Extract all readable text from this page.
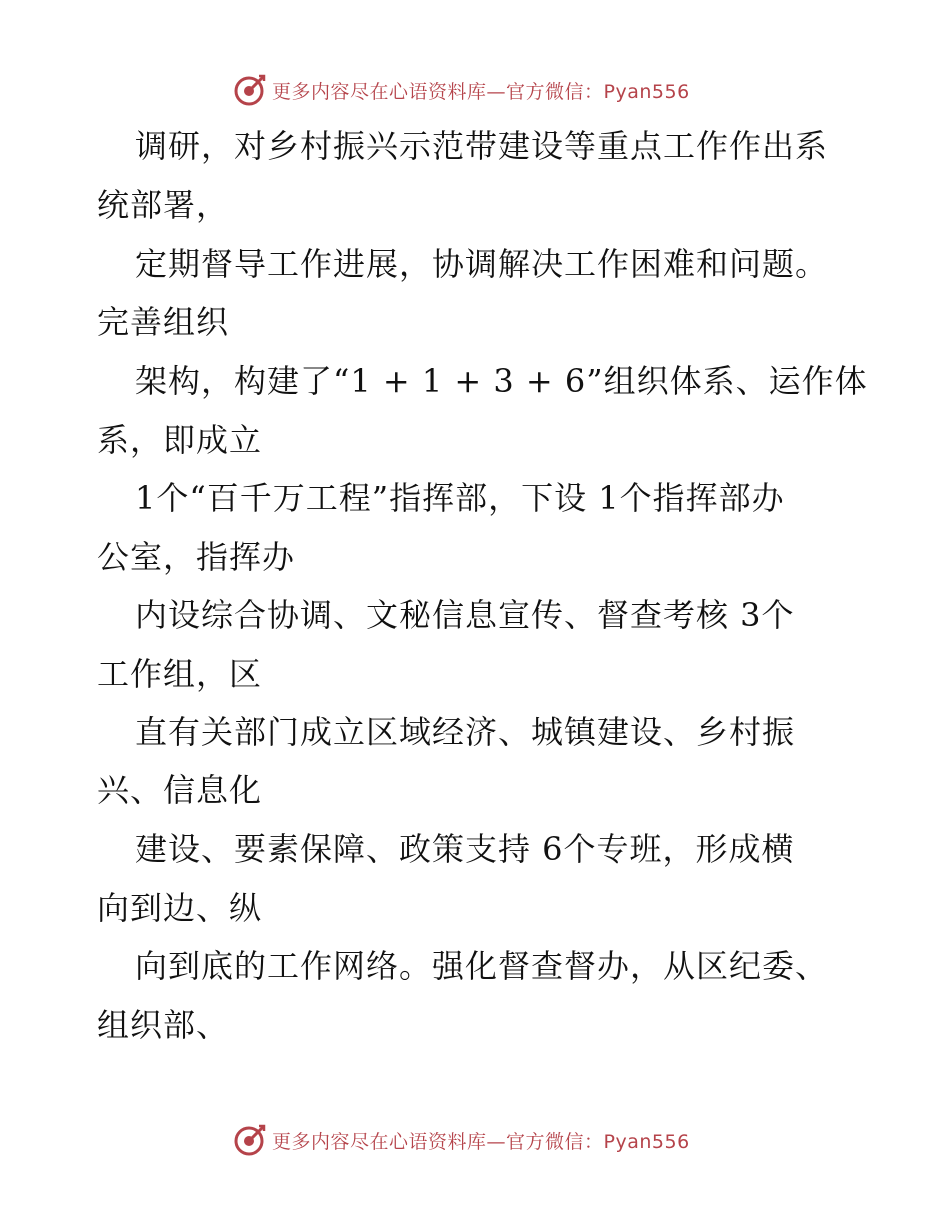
更多内容尽在心语资料库—官方微信：Pyan556
调研，对乡村振兴示范带建设等重点工作作出系
统部署，
定期督导工作进展，协调解决工作困难和问题。
完善组织
架构，构建了“1 + 1 + 3 + 6”组织体系、运作体
系，即成立
1个“百千万工程”指挥部，下设 1个指挥部办
公室，指挥办
内设综合协调、文秘信息宣传、督查考核 3个
工作组，区
直有关部门成立区域经济、城镇建设、乡村振
兴、信息化
建设、要素保障、政策支持 6个专班，形成横
向到边、纵
向到底的工作网络。强化督查督办，从区纪委、
组织部、
更多内容尽在心语资料库—官方微信：Pyan556
